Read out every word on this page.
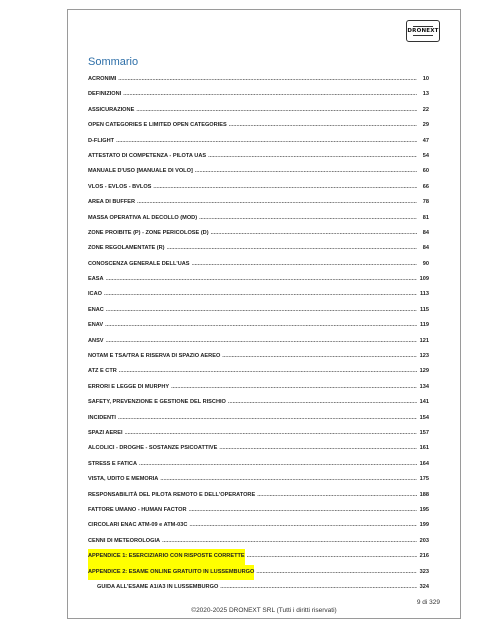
DRONEXT
Sommario
ACRONIMI .....	10
DEFINIZIONI .....	13
ASSICURAZIONE .....	22
OPEN CATEGORIES E LIMITED OPEN CATEGORIES .....	29
D-FLIGHT .....	47
ATTESTATO DI COMPETENZA - PILOTA UAS .....	54
MANUALE D'USO [MANUALE DI VOLO] .....	60
VLOS - EVLOS - BVLOS .....	66
AREA DI BUFFER .....	78
MASSA OPERATIVA AL DECOLLO (MOD) .....	81
ZONE PROIBITE (P) - ZONE PERICOLOSE (D) .....	84
ZONE REGOLAMENTATE (R) .....	84
CONOSCENZA GENERALE DELL'UAS .....	90
EASA .....	109
ICAO .....	113
ENAC .....	115
ENAV .....	119
ANSV .....	121
NOTAM E TSA/TRA E RISERVA DI SPAZIO AEREO .....	123
ATZ E CTR .....	129
ERRORI E LEGGE DI MURPHY .....	134
SAFETY, PREVENZIONE E GESTIONE DEL RISCHIO .....	141
INCIDENTI .....	154
SPAZI AEREI .....	157
ALCOLICI - DROGHE - SOSTANZE PSICOATTIVE .....	161
STRESS E FATICA .....	164
VISTA, UDITO E MEMORIA .....	175
RESPONSABILITÀ DEL PILOTA REMOTO E DELL'OPERATORE .....	188
FATTORE UMANO - HUMAN FACTOR .....	195
CIRCOLARI ENAC ATM-09 e ATM-03C .....	199
CENNI DI METEOROLOGIA .....	203
APPENDICE 1: ESERCIZIARIO CON RISPOSTE CORRETTE .....	216
APPENDICE 2: ESAME ONLINE GRATUITO IN LUSSEMBURGO .....	323
GUIDA ALL'ESAME A1/A3 IN LUSSEMBURGO .....	324
9 di 329
©2020-2025 DRONEXT SRL (Tutti i diritti riservati)
